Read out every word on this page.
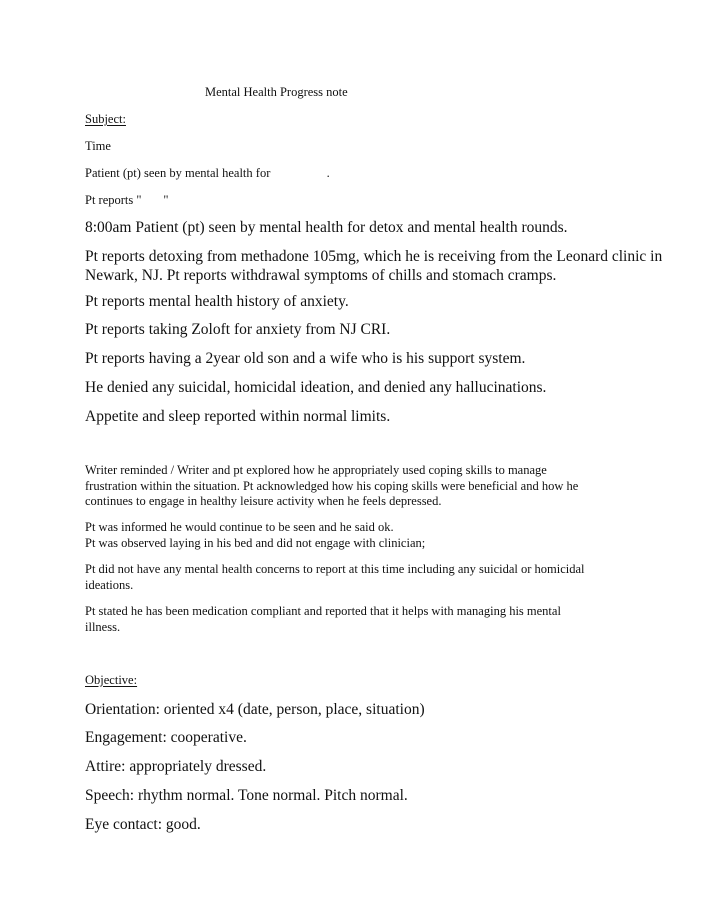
Mental Health Progress note
Subject:
Time
Patient (pt) seen by mental health for                  .
Pt reports "       "
8:00am Patient (pt) seen by mental health for detox and mental health rounds.
Pt reports detoxing from methadone 105mg, which he is receiving from the Leonard clinic in
Newark, NJ. Pt reports withdrawal symptoms of chills and stomach cramps.
Pt reports mental health history of anxiety.
Pt reports taking Zoloft for anxiety from NJ CRI.
Pt reports having a 2year old son and a wife who is his support system.
He denied any suicidal, homicidal ideation, and denied any hallucinations.
Appetite and sleep reported within normal limits.
Writer reminded / Writer and pt explored how he appropriately used coping skills to manage
frustration within the situation. Pt acknowledged how his coping skills were beneficial and how he
continues to engage in healthy leisure activity when he feels depressed.
Pt was informed he would continue to be seen and he said ok.
Pt was observed laying in his bed and did not engage with clinician;
Pt did not have any mental health concerns to report at this time including any suicidal or homicidal
ideations.
Pt stated he has been medication compliant and reported that it helps with managing his mental
illness.
Objective:
Orientation: oriented x4 (date, person, place, situation)
Engagement: cooperative.
Attire: appropriately dressed.
Speech: rhythm normal. Tone normal. Pitch normal.
Eye contact: good.
